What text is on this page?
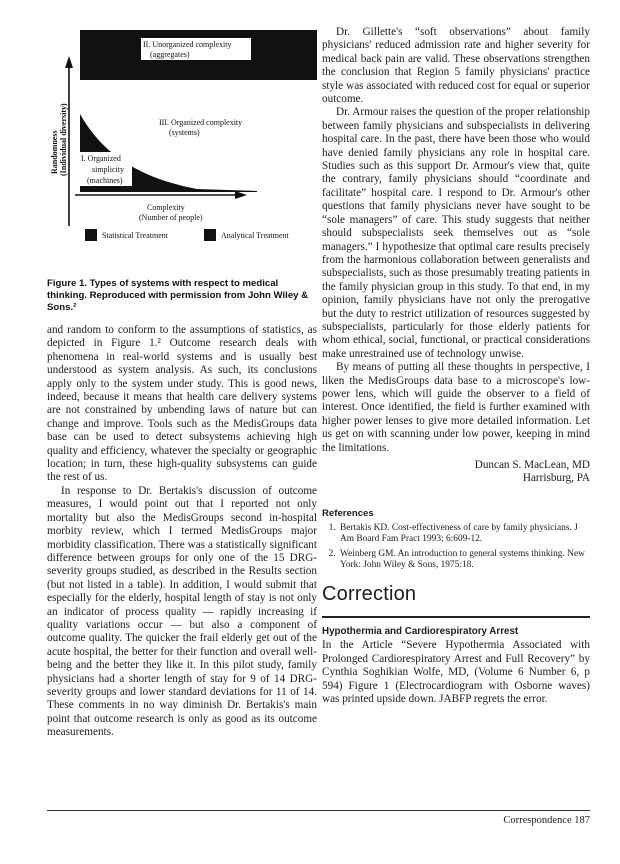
II. Unorganized complexity
(aggregates)
III. Organized complexity
(systems)
I. Organized
simplicity
(machines)
Randomness (Individual diversity)
Complexity
(Number of people)
Statistical Treatment	Analytical Treatment
Figure 1. Types of systems with respect to medical thinking. Reproduced with permission from John Wiley & Sons.²

and random to conform to the assumptions of statistics, as depicted in Figure 1.² Outcome research deals with phenomena in real-world systems and is usually best understood as system analysis. As such, its conclusions apply only to the system under study. This is good news, indeed, because it means that health care delivery systems are not constrained by unbending laws of nature but can change and improve. Tools such as the MedisGroups data base can be used to detect subsystems achieving high quality and efficiency, whatever the specialty or geographic location; in turn, these high-quality subsystems can guide the rest of us.

In response to Dr. Bertakis's discussion of outcome measures, I would point out that I reported not only mortality but also the MedisGroups second in-hospital morbity review, which I termed MedisGroups major morbidity classification. There was a statistically significant difference between groups for only one of the 15 DRG-severity groups studied, as described in the Results section (but not listed in a table). In addition, I would submit that especially for the elderly, hospital length of stay is not only an indicator of process quality — rapidly increasing if quality variations occur — but also a component of outcome quality. The quicker the frail elderly get out of the acute hospital, the better for their function and overall well-being and the better they like it. In this pilot study, family physicians had a shorter length of stay for 9 of 14 DRG-severity groups and lower standard deviations for 11 of 14. These comments in no way diminish Dr. Bertakis's main point that outcome research is only as good as its outcome measurements.

Dr. Gillette's “soft observations” about family physicians' reduced admission rate and higher severity for medical back pain are valid. These observations strengthen the conclusion that Region 5 family physicians' practice style was associated with reduced cost for equal or superior outcome.

Dr. Armour raises the question of the proper relationship between family physicians and subspecialists in delivering hospital care. In the past, there have been those who would have denied family physicians any role in hospital care. Studies such as this support Dr. Armour's view that, quite the contrary, family physicians should “coordinate and facilitate” hospital care. I respond to Dr. Armour's other questions that family physicians never have sought to be “sole managers” of care. This study suggests that neither should subspecialists seek themselves out as “sole managers.” I hypothesize that optimal care results precisely from the harmonious collaboration between generalists and subspecialists, such as those presumably treating patients in the family physician group in this study. To that end, in my opinion, family physicians have not only the prerogative but the duty to restrict utilization of resources suggested by subspecialists, particularly for those elderly patients for whom ethical, social, functional, or practical considerations make unrestrained use of technology unwise.

By means of putting all these thoughts in perspective, I liken the MedisGroups data base to a microscope's low-power lens, which will guide the observer to a field of interest. Once identified, the field is further examined with higher power lenses to give more detailed information. Let us get on with scanning under low power, keeping in mind the limitations.

Duncan S. MacLean, MD
Harrisburg, PA
References
1. Bertakis KD. Cost-effectiveness of care by family physicians. J Am Board Fam Pract 1993; 6:609-12.
2. Weinberg GM. An introduction to general systems thinking. New York: John Wiley & Sons, 1975:18.
Correction
Hypothermia and Cardiorespiratory Arrest

In the Article “Severe Hypothermia Associated with Prolonged Cardiorespiratory Arrest and Full Recovery” by Cynthia Soghikian Wolfe, MD, (Volume 6 Number 6, p 594) Figure 1 (Electrocardiogram with Osborne waves) was printed upside down. JABFP regrets the error.

Correspondence 187
